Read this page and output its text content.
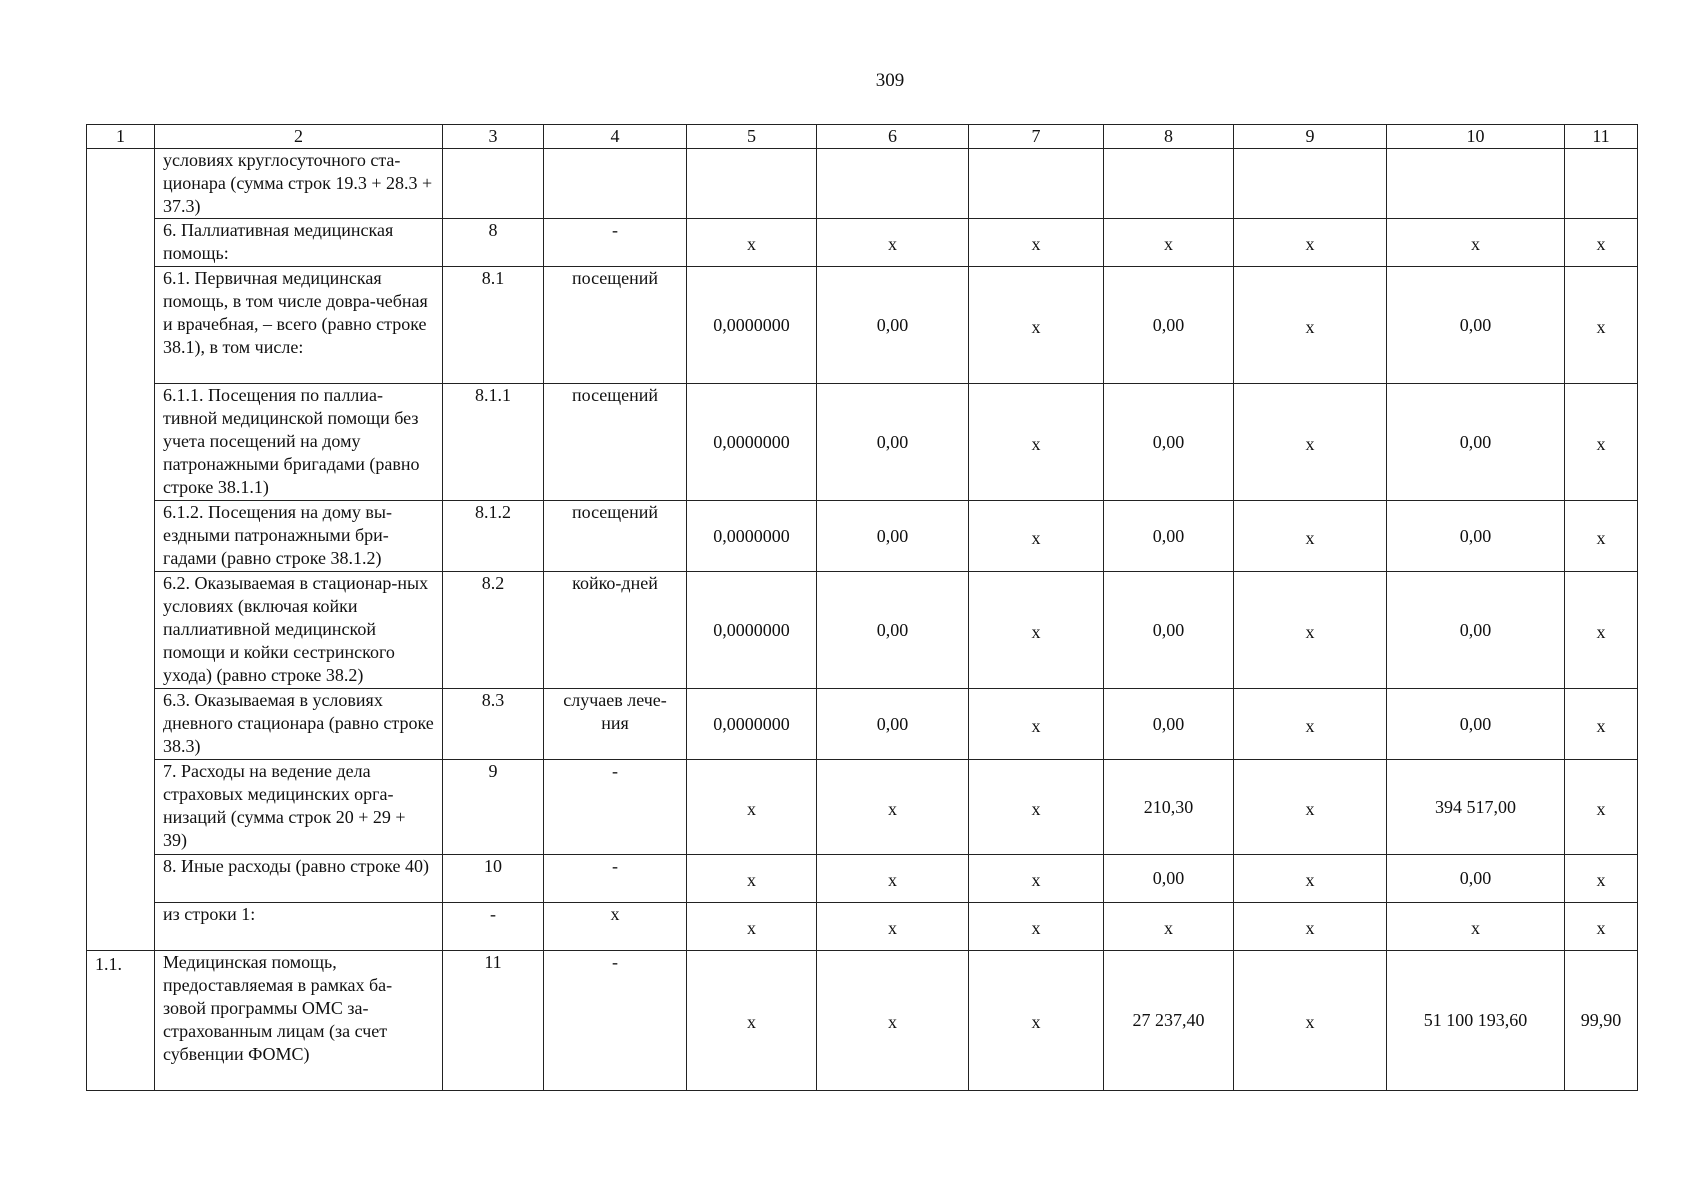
309
1	2	3	4	5	6	7	8	9	10	11
	условиях круглосуточного ста-ционара (сумма строк 19.3 + 28.3 + 37.3)									
	6. Паллиативная медицинская помощь:	8	-	х	х	х	х	х	х	х
	6.1. Первичная медицинская помощь, в том числе довра-чебная и врачебная, – всего (равно строке 38.1), в том числе:	8.1	посещений	0,0000000	0,00	х	0,00	х	0,00	х
	6.1.1. Посещения по паллиа-тивной медицинской помощи без учета посещений на дому патронажными бригадами (равно строке 38.1.1)	8.1.1	посещений	0,0000000	0,00	х	0,00	х	0,00	х
	6.1.2. Посещения на дому вы-ездными патронажными бри-гадами (равно строке 38.1.2)	8.1.2	посещений	0,0000000	0,00	х	0,00	х	0,00	х
	6.2. Оказываемая в стационар-ных условиях (включая койки паллиативной медицинской помощи и койки сестринского ухода) (равно строке 38.2)	8.2	койко-дней	0,0000000	0,00	х	0,00	х	0,00	х
	6.3. Оказываемая в условиях дневного стационара (равно строке 38.3)	8.3	случаев лече-ния	0,0000000	0,00	х	0,00	х	0,00	х
	7. Расходы на ведение дела страховых медицинских орга-низаций (сумма строк 20 + 29 + 39)	9	-	х	х	х	210,30	х	394 517,00	х
	8. Иные расходы (равно строке 40)	10	-	х	х	х	0,00	х	0,00	х
	из строки 1:	-	х	х	х	х	х	х	х	х
1.1.	Медицинская помощь, предоставляемая в рамках ба-зовой программы ОМС за-страхованным лицам (за счет субвенции ФОМС)	11	-	х	х	х	27 237,40	х	51 100 193,60	99,90
